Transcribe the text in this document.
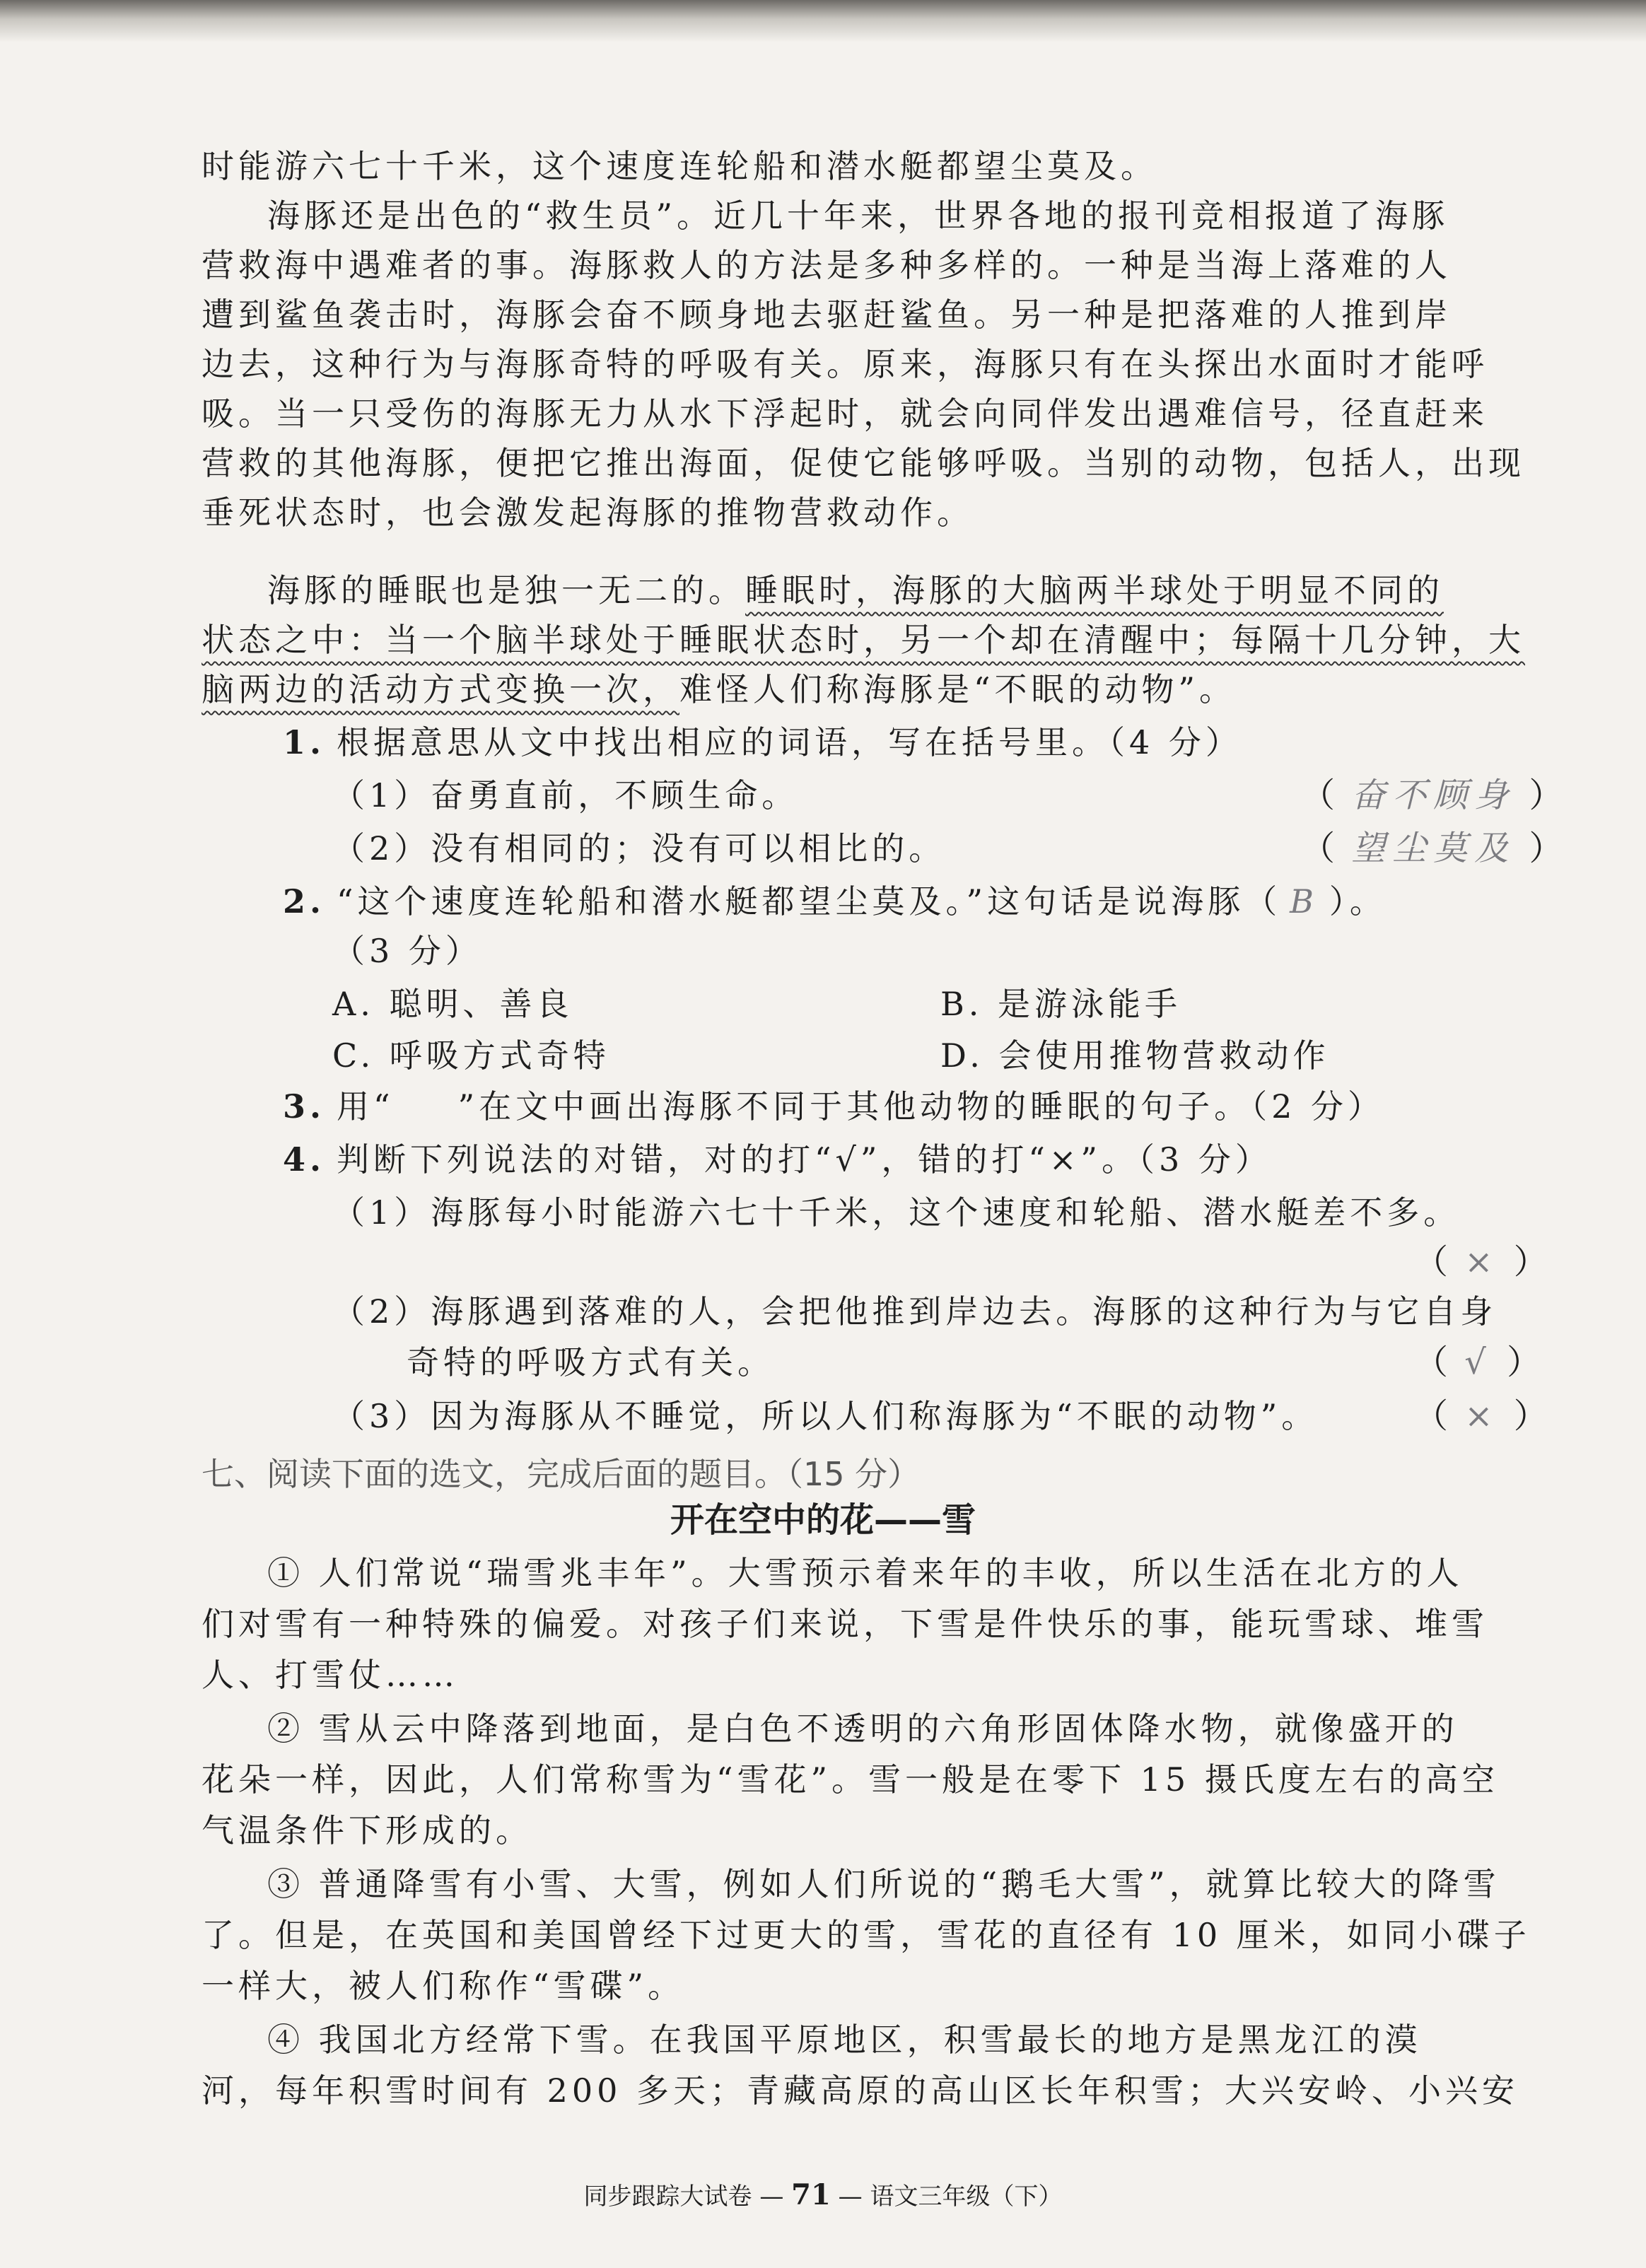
时能游六七十千米，这个速度连轮船和潜水艇都望尘莫及。
海豚还是出色的“救生员”。近几十年来，世界各地的报刊竞相报道了海豚
营救海中遇难者的事。海豚救人的方法是多种多样的。一种是当海上落难的人
遭到鲨鱼袭击时，海豚会奋不顾身地去驱赶鲨鱼。另一种是把落难的人推到岸
边去，这种行为与海豚奇特的呼吸有关。原来，海豚只有在头探出水面时才能呼
吸。当一只受伤的海豚无力从水下浮起时，就会向同伴发出遇难信号，径直赶来
营救的其他海豚，便把它推出海面，促使它能够呼吸。当别的动物，包括人，出现
垂死状态时，也会激发起海豚的推物营救动作。
海豚的睡眠也是独一无二的。睡眠时，海豚的大脑两半球处于明显不同的
状态之中：当一个脑半球处于睡眠状态时，另一个却在清醒中；每隔十几分钟，大
脑两边的活动方式变换一次，难怪人们称海豚是“不眠的动物”。
1. 根据意思从文中找出相应的词语，写在括号里。（4 分）
（1）奋勇直前，不顾生命。	（ 奋不顾身 ）
（2）没有相同的；没有可以相比的。	（ 望尘莫及 ）
2. “这个速度连轮船和潜水艇都望尘莫及。”这句话是说海豚（ B ）。
（3 分）
A. 聪明、善良	B. 是游泳能手
C. 呼吸方式奇特	D. 会使用推物营救动作
3. 用“ ”在文中画出海豚不同于其他动物的睡眠的句子。（2 分）
4. 判断下列说法的对错，对的打“√”，错的打“×”。（3 分）
（1）海豚每小时能游六七十千米，这个速度和轮船、潜水艇差不多。
（ × ）
（2）海豚遇到落难的人，会把他推到岸边去。海豚的这种行为与它自身
奇特的呼吸方式有关。	（ √ ）
（3）因为海豚从不睡觉，所以人们称海豚为“不眠的动物”。	（ × ）
七、阅读下面的选文，完成后面的题目。（15 分）
开在空中的花——雪
① 人们常说“瑞雪兆丰年”。大雪预示着来年的丰收，所以生活在北方的人
们对雪有一种特殊的偏爱。对孩子们来说，下雪是件快乐的事，能玩雪球、堆雪
人、打雪仗……
② 雪从云中降落到地面，是白色不透明的六角形固体降水物，就像盛开的
花朵一样，因此，人们常称雪为“雪花”。雪一般是在零下 15 摄氏度左右的高空
气温条件下形成的。
③ 普通降雪有小雪、大雪，例如人们所说的“鹅毛大雪”，就算比较大的降雪
了。但是，在英国和美国曾经下过更大的雪，雪花的直径有 10 厘米，如同小碟子
一样大，被人们称作“雪碟”。
④ 我国北方经常下雪。在我国平原地区，积雪最长的地方是黑龙江的漠
河，每年积雪时间有 200 多天；青藏高原的高山区长年积雪；大兴安岭、小兴安
同步跟踪大试卷 — 71 — 语文三年级（下）
